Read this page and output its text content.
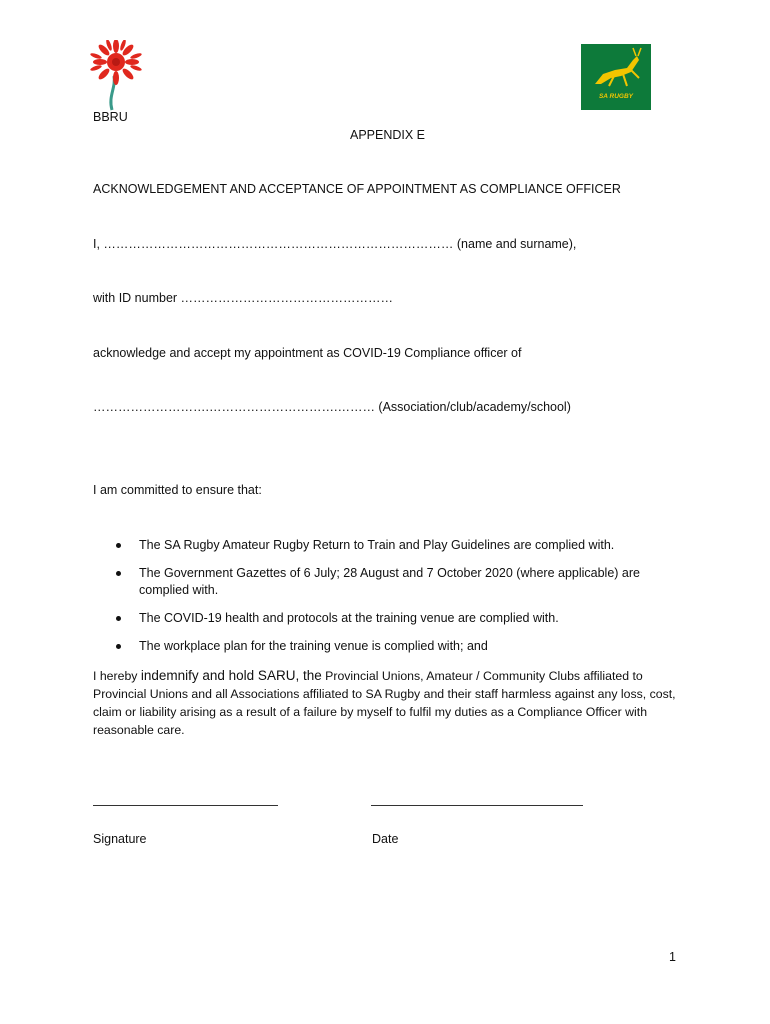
SA RUGBY
BBRU
APPENDIX E
ACKNOWLEDGEMENT AND ACCEPTANCE OF APPOINTMENT AS COMPLIANCE OFFICER
I, ………………………………………………………………………… (name and surname),
with ID number ……………………………………………
acknowledge and accept my appointment as COVID-19 Compliance officer of
……………………….………………………….……… (Association/club/academy/school)
I am committed to ensure that:
The SA Rugby Amateur Rugby Return to Train and Play Guidelines are complied with.
The Government Gazettes of 6 July; 28 August and 7 October 2020 (where applicable) are complied with.
The COVID-19 health and protocols at the training venue are complied with.
The workplace plan for the training venue is complied with; and
I hereby indemnify and hold SARU, the Provincial Unions, Amateur / Community Clubs affiliated to Provincial Unions and all Associations affiliated to SA Rugby and their staff harmless against any loss, cost, claim or liability arising as a result of a failure by myself to fulfil my duties as a Compliance Officer with reasonable care.
Signature	Date
1
